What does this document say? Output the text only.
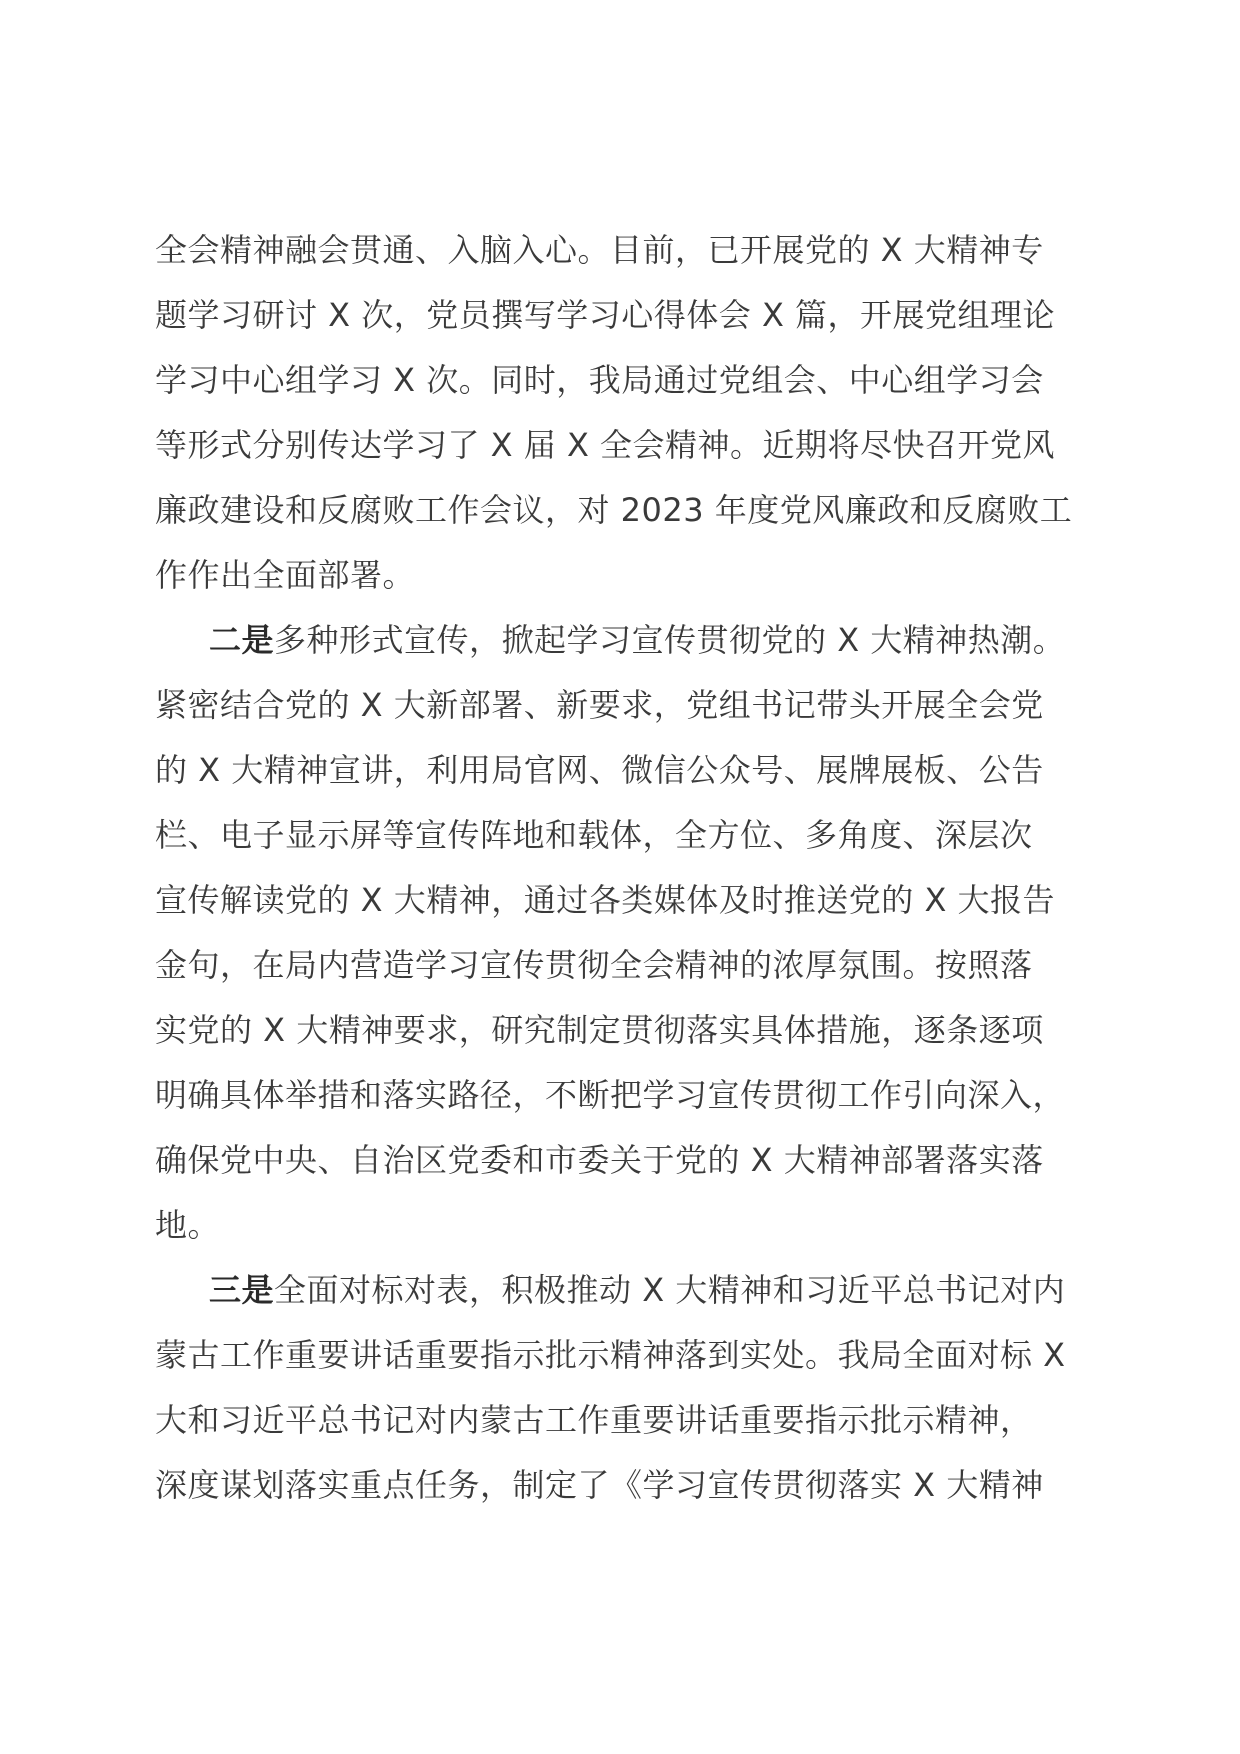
全会精神融会贯通、入脑入心。目前，已开展党的 X 大精神专
题学习研讨 X 次，党员撰写学习心得体会 X 篇，开展党组理论
学习中心组学习 X 次。同时，我局通过党组会、中心组学习会
等形式分别传达学习了 X 届 X 全会精神。近期将尽快召开党风
廉政建设和反腐败工作会议，对 2023 年度党风廉政和反腐败工
作作出全面部署。
二是多种形式宣传，掀起学习宣传贯彻党的 X 大精神热潮。
紧密结合党的 X 大新部署、新要求，党组书记带头开展全会党
的 X 大精神宣讲，利用局官网、微信公众号、展牌展板、公告
栏、电子显示屏等宣传阵地和载体，全方位、多角度、深层次
宣传解读党的 X 大精神，通过各类媒体及时推送党的 X 大报告
金句，在局内营造学习宣传贯彻全会精神的浓厚氛围。按照落
实党的 X 大精神要求，研究制定贯彻落实具体措施，逐条逐项
明确具体举措和落实路径，不断把学习宣传贯彻工作引向深入，
确保党中央、自治区党委和市委关于党的 X 大精神部署落实落
地。
三是全面对标对表，积极推动 X 大精神和习近平总书记对内
蒙古工作重要讲话重要指示批示精神落到实处。我局全面对标 X
大和习近平总书记对内蒙古工作重要讲话重要指示批示精神，
深度谋划落实重点任务，制定了《学习宣传贯彻落实 X 大精神
